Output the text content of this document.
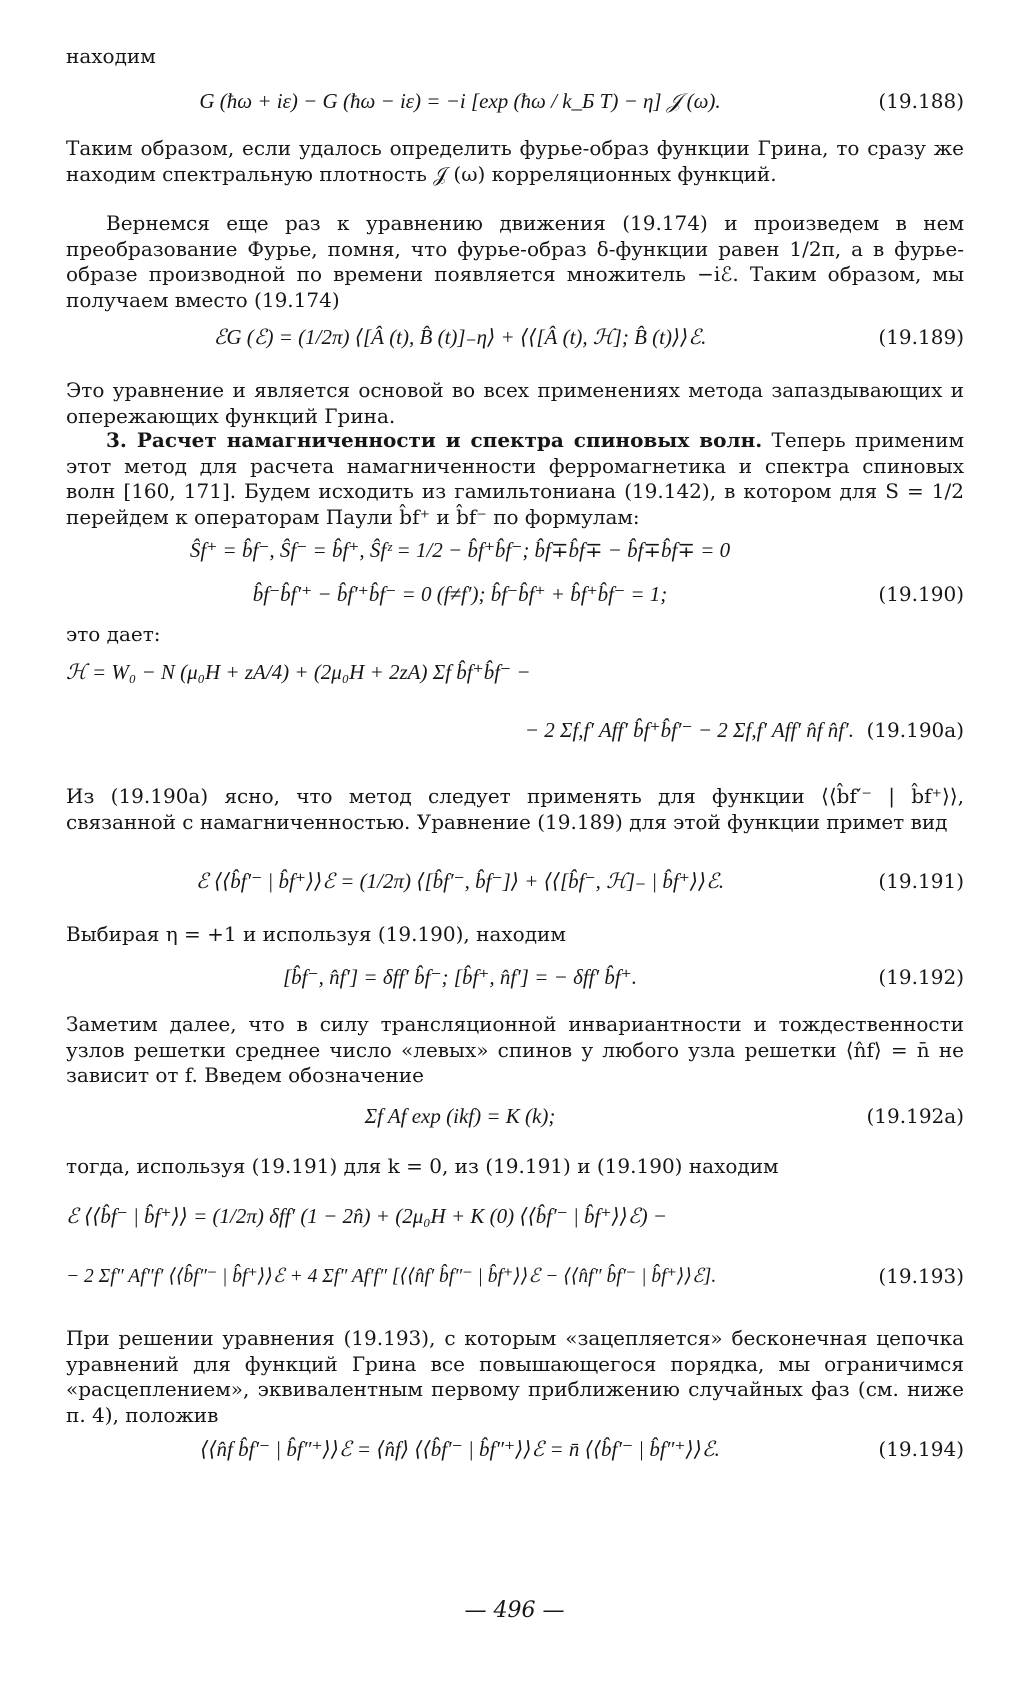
находим

G (ħω + iε) − G (ħω − iε) = −i [exp (ħω / k_Б T) − η] 𝒥 (ω).	(19.188)

Таким образом, если удалось определить фурье-образ функции Грина, то сразу же находим спектральную плотность 𝒥 (ω) корреляционных функций.

Вернемся еще раз к уравнению движения (19.174) и произведем в нем преобразование Фурье, помня, что фурье-образ δ-функции равен 1/2π, а в фурье-образе производной по времени появляется множитель −iℰ. Таким образом, мы получаем вместо (19.174)

ℰG (ℰ) = (1/2π) ⟨[Â (t), B̂ (t)]₋η⟩ + ⟨⟨[Â (t), ℋ]; B̂ (t)⟩⟩ℰ.	(19.189)

Это уравнение и является основой во всех применениях метода запаздывающих и опережающих функций Грина.

3. Расчет намагниченности и спектра спиновых волн. Теперь применим этот метод для расчета намагниченности ферромагнетика и спектра спиновых волн [160, 171]. Будем исходить из гамильтониана (19.142), в котором для S = 1/2 перейдем к операторам Паули b̂f⁺ и b̂f⁻ по формулам:

Ŝf⁺ = b̂f⁻, Ŝf⁻ = b̂f⁺, Ŝfᶻ = 1/2 − b̂f⁺b̂f⁻; b̂f∓b̂f∓ − b̂f∓b̂f∓ = 0
b̂f⁻b̂f′⁺ − b̂f′⁺b̂f⁻ = 0 (f≠f′); b̂f⁻b̂f⁺ + b̂f⁺b̂f⁻ = 1;	(19.190)

это дает:

ℋ = W₀ − N (μ₀H + zA/4) + (2μ₀H + 2zA) Σf b̂f⁺b̂f⁻ −
− 2 Σf,f′ Aff′ b̂f⁺b̂f′⁻ − 2 Σf,f′ Aff′ n̂f n̂f′. (19.190a)

Из (19.190a) ясно, что метод следует применять для функции ⟨⟨b̂f′⁻ | b̂f⁺⟩⟩, связанной с намагниченностью. Уравнение (19.189) для этой функции примет вид

ℰ ⟨⟨b̂f′⁻ | b̂f⁺⟩⟩ℰ = (1/2π) ⟨[b̂f′⁻, b̂f⁻]⟩ + ⟨⟨[b̂f⁻, ℋ]₋ | b̂f⁺⟩⟩ℰ.	(19.191)

Выбирая η = +1 и используя (19.190), находим

[b̂f⁻, n̂f′] = δff′ b̂f⁻; [b̂f⁺, n̂f′] = − δff′ b̂f⁺.	(19.192)

Заметим далее, что в силу трансляционной инвариантности и тождественности узлов решетки среднее число «левых» спинов у любого узла решетки ⟨n̂f⟩ = n̄ не зависит от f. Введем обозначение

Σf Af exp (ikf) = K (k);	(19.192a)

тогда, используя (19.191) для k = 0, из (19.191) и (19.190) находим

ℰ ⟨⟨b̂f⁻ | b̂f⁺⟩⟩ = (1/2π) δff′ (1 − 2n̂) + (2μ₀H + K (0) ⟨⟨b̂f′⁻ | b̂f⁺⟩⟩ℰ) −
− 2 Σf″ Af″f′ ⟨⟨b̂f″⁻ | b̂f⁺⟩⟩ℰ + 4 Σf″ Af′f″ [⟨⟨n̂f′ b̂f″⁻ | b̂f⁺⟩⟩ℰ − ⟨⟨n̂f″ b̂f′⁻ | b̂f⁺⟩⟩ℰ].	(19.193)

При решении уравнения (19.193), с которым «зацепляется» бесконечная цепочка уравнений для функций Грина все повышающегося порядка, мы ограничимся «расцеплением», эквивалентным первому приближению случайных фаз (см. ниже п. 4), положив

⟨⟨n̂f b̂f′⁻ | b̂f″⁺⟩⟩ℰ = ⟨n̂f⟩ ⟨⟨b̂f′⁻ | b̂f″⁺⟩⟩ℰ = n̄ ⟨⟨b̂f′⁻ | b̂f″⁺⟩⟩ℰ.	(19.194)
— 496 —
